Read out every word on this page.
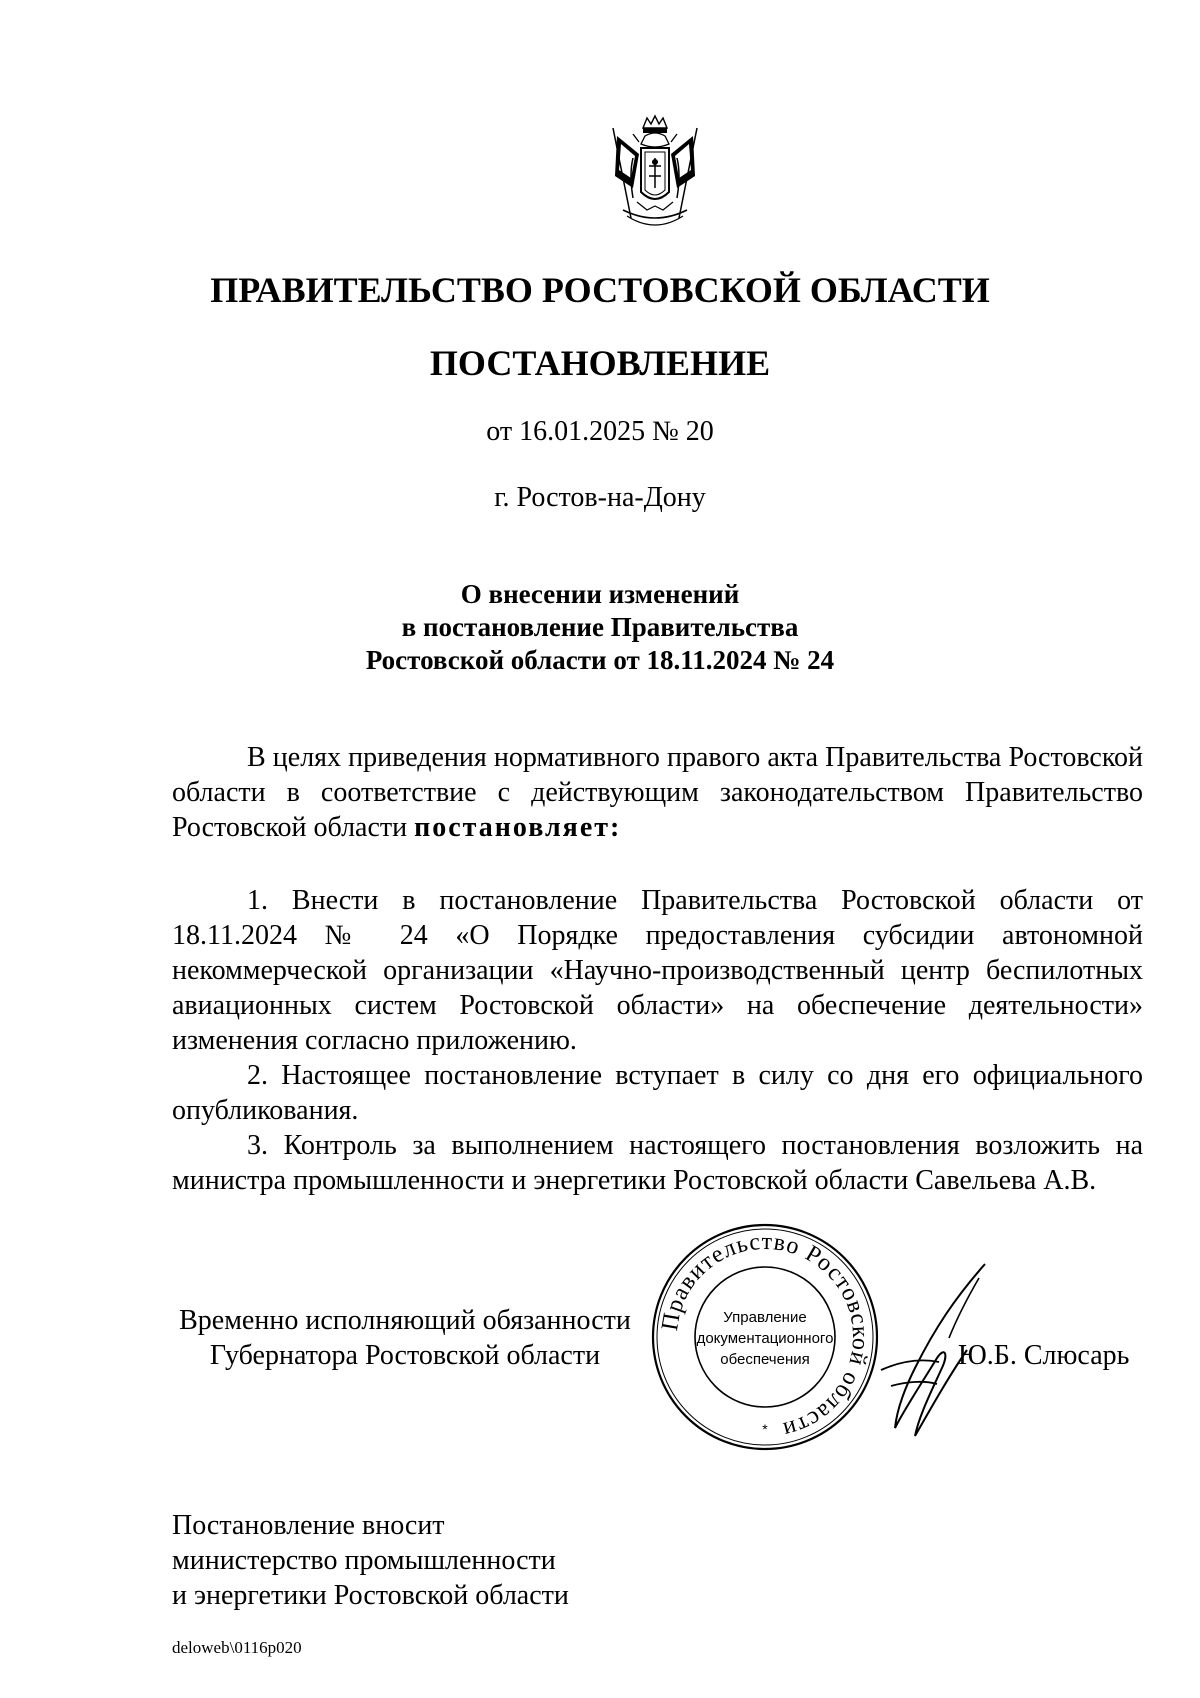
ПРАВИТЕЛЬСТВО РОСТОВСКОЙ ОБЛАСТИ
ПОСТАНОВЛЕНИЕ
от 16.01.2025 № 20
г. Ростов-на-Дону
О внесении изменений
в постановление Правительства
Ростовской области от 18.11.2024 № 24

В целях приведения нормативного правого акта Правительства Ростовской области в соответствие с действующим законодательством Правительство Ростовской области постановляет:

1. Внести в постановление Правительства Ростовской области от 18.11.2024 № 24 «О Порядке предоставления субсидии автономной некоммерческой организации «Научно-производственный центр беспилотных авиационных систем Ростовской области» на обеспечение деятельности» изменения согласно приложению.

2. Настоящее постановление вступает в силу со дня его официального опубликования.

3. Контроль за выполнением настоящего постановления возложить на министра промышленности и энергетики Ростовской области Савельева А.В.

Временно исполняющий обязанности
Губернатора Ростовской области
Правительство Ростовской области
Управление
документационного
обеспечения
*
Ю.Б. Слюсарь
Постановление вносит
министерство промышленности
и энергетики Ростовской области
deloweb\0116p020
